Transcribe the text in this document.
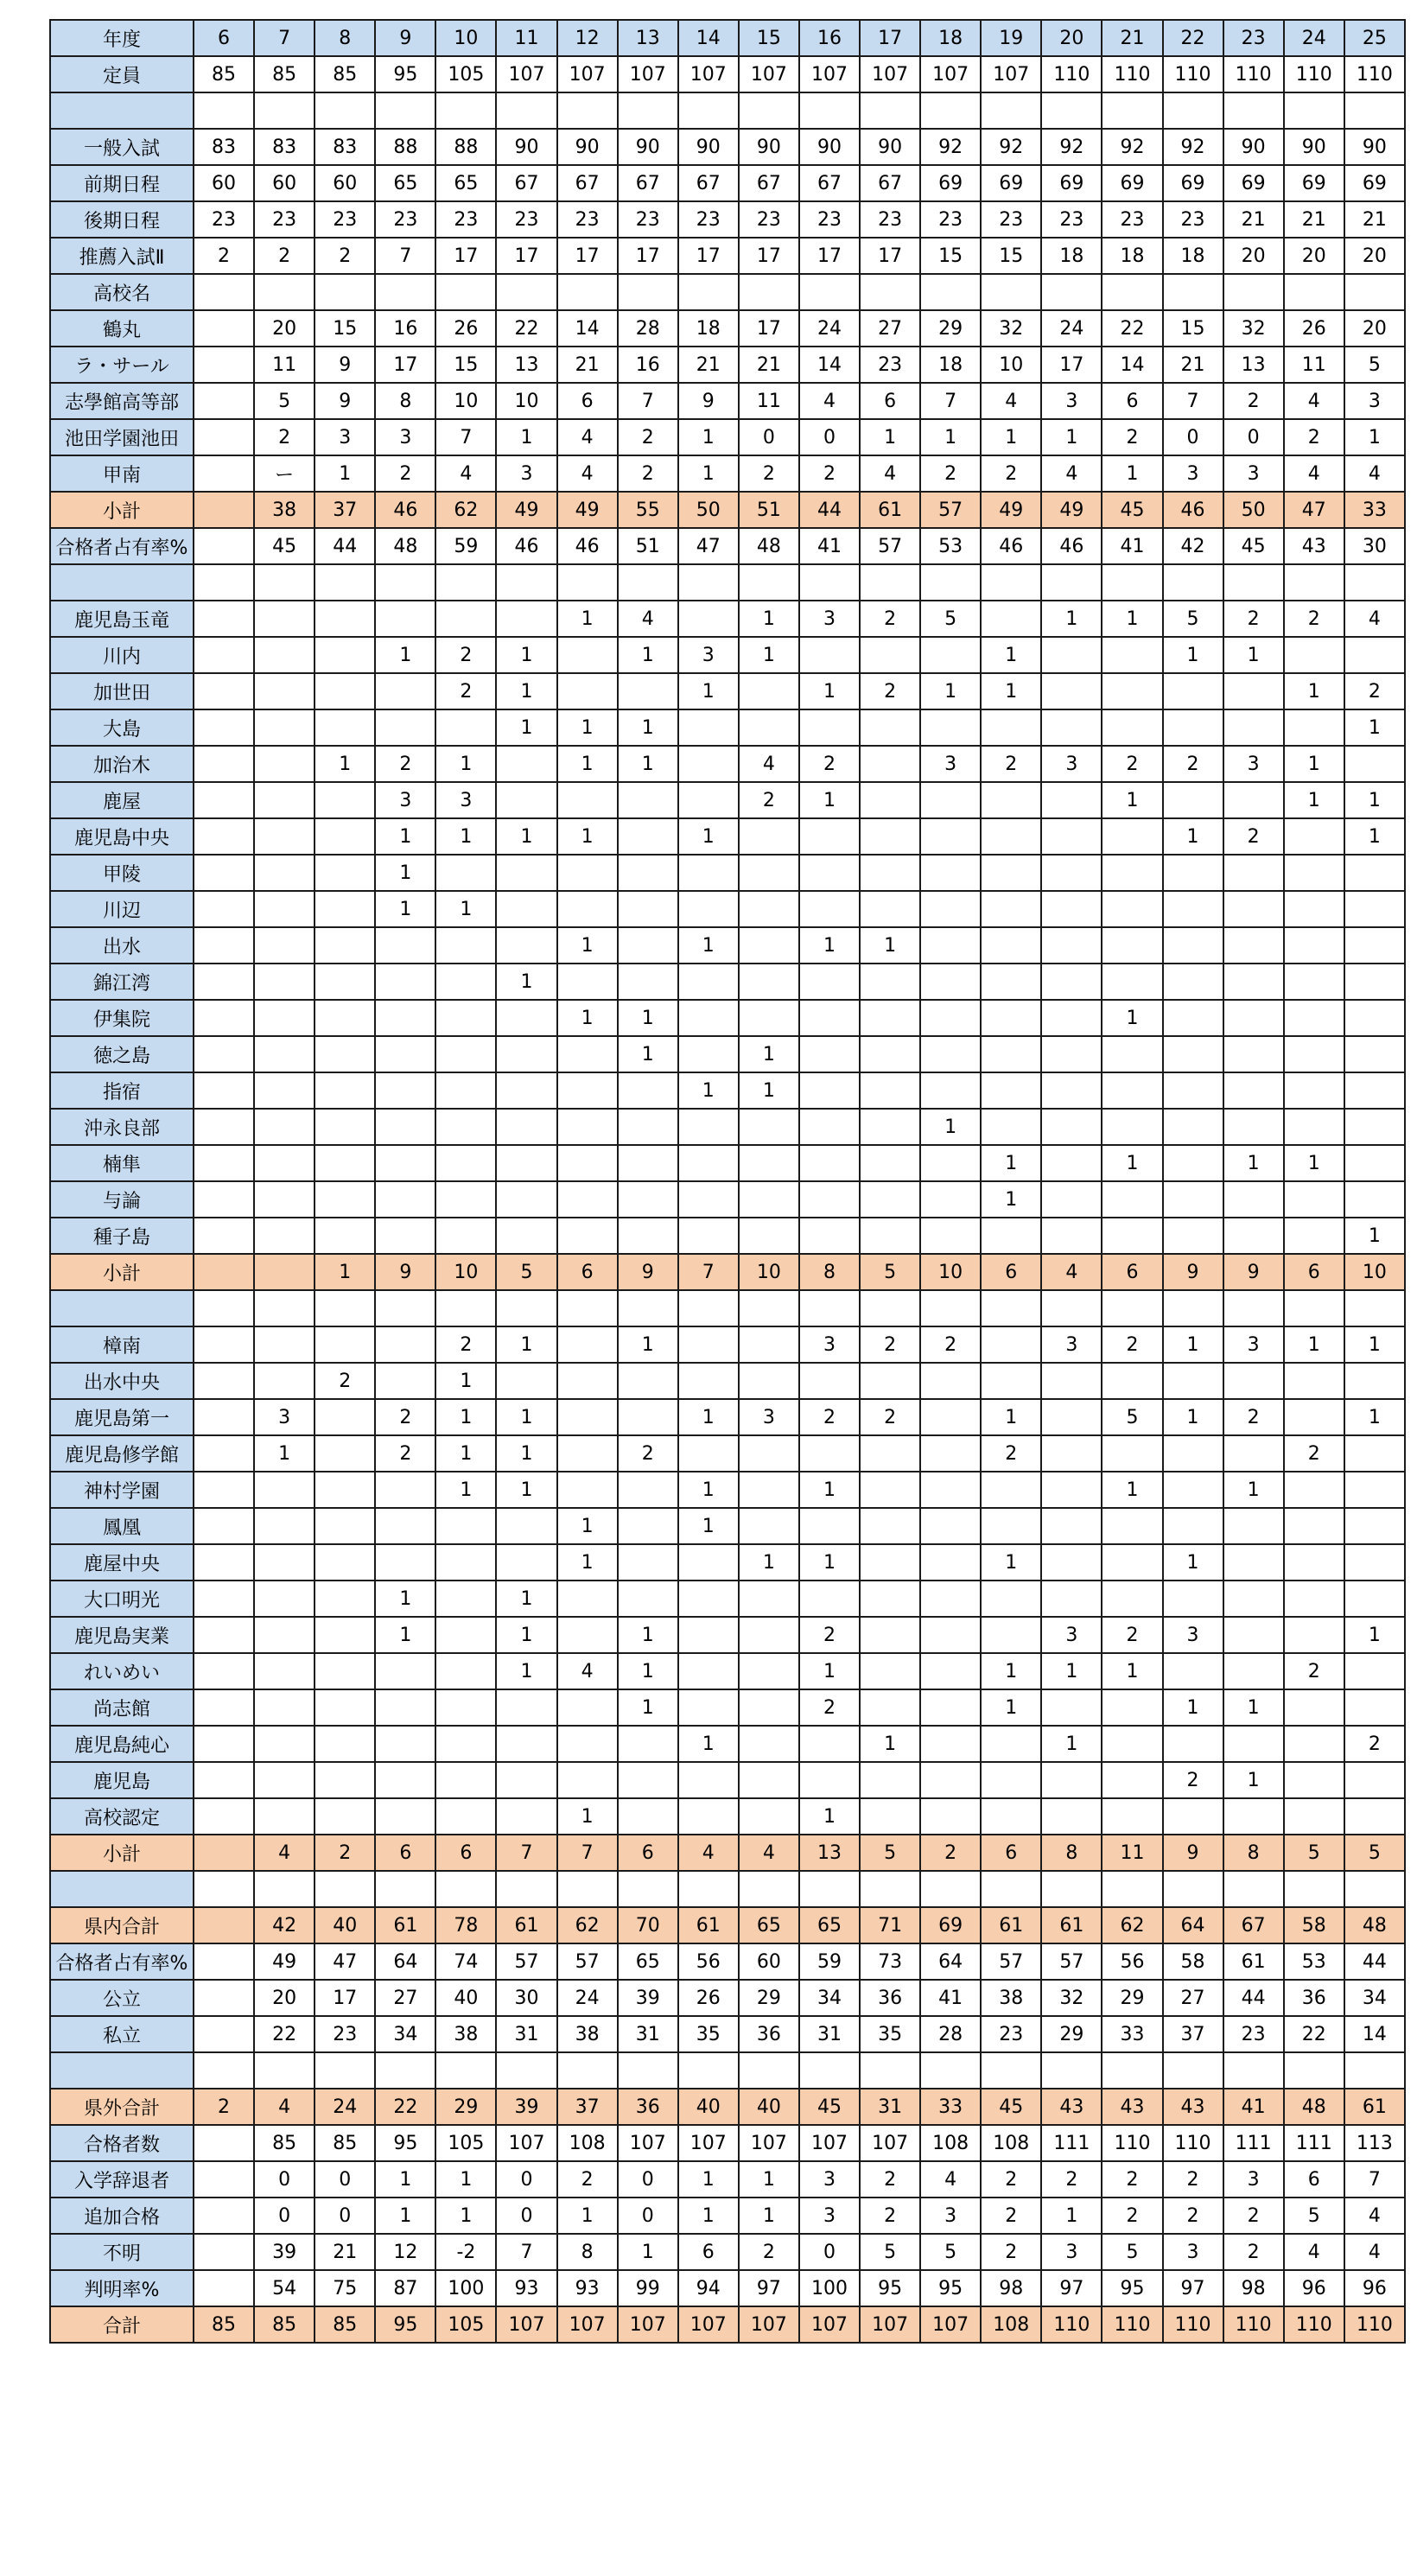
年度	6	7	8	9	10	11	12	13	14	15	16	17	18	19	20	21	22	23	24	25
定員	85	85	85	95	105	107	107	107	107	107	107	107	107	107	110	110	110	110	110	110

一般入試	83	83	83	88	88	90	90	90	90	90	90	90	92	92	92	92	92	90	90	90
前期日程	60	60	60	65	65	67	67	67	67	67	67	67	69	69	69	69	69	69	69	69
後期日程	23	23	23	23	23	23	23	23	23	23	23	23	23	23	23	23	23	21	21	21
推薦入試Ⅱ	2	2	2	7	17	17	17	17	17	17	17	17	15	15	18	18	18	20	20	20
高校名																				
鶴丸		20	15	16	26	22	14	28	18	17	24	27	29	32	24	22	15	32	26	20
ラ・サール		11	9	17	15	13	21	16	21	21	14	23	18	10	17	14	21	13	11	5
志學館高等部		5	9	8	10	10	6	7	9	11	4	6	7	4	3	6	7	2	4	3
池田学園池田		2	3	3	7	1	4	2	1	0	0	1	1	1	1	2	0	0	2	1
甲南		ー	1	2	4	3	4	2	1	2	2	4	2	2	4	1	3	3	4	4
小計		38	37	46	62	49	49	55	50	51	44	61	57	49	49	45	46	50	47	33
合格者占有率%		45	44	48	59	46	46	51	47	48	41	57	53	46	46	41	42	45	43	30

鹿児島玉竜							1	4		1	3	2	5		1	1	5	2	2	4
川内				1	2	1		1	3	1				1			1	1		
加世田					2	1			1		1	2	1	1					1	2
大島						1	1	1												1
加治木			1	2	1		1	1		4	2		3	2	3	2	2	3	1	
鹿屋				3	3					2	1					1			1	1
鹿児島中央				1	1	1	1		1								1	2		1
甲陵				1																
川辺				1	1															
出水							1		1		1	1								
錦江湾						1														
伊集院							1	1								1				
徳之島								1		1										
指宿									1	1										
沖永良部													1							
楠隼														1		1		1	1	
与論														1						
種子島																				1
小計			1	9	10	5	6	9	7	10	8	5	10	6	4	6	9	9	6	10

樟南					2	1		1			3	2	2		3	2	1	3	1	1
出水中央			2		1															
鹿児島第一		3		2	1	1			1	3	2	2		1		5	1	2		1
鹿児島修学館		1		2	1	1		2						2					2	
神村学園					1	1			1		1					1		1		
鳳凰							1		1											
鹿屋中央							1			1	1			1			1			
大口明光				1		1														
鹿児島実業				1		1		1			2				3	2	3			1
れいめい						1	4	1			1			1	1	1			2	
尚志館								1			2			1			1	1		
鹿児島純心									1			1			1					2
鹿児島																	2	1		
高校認定							1				1									
小計		4	2	6	6	7	7	6	4	4	13	5	2	6	8	11	9	8	5	5

県内合計		42	40	61	78	61	62	70	61	65	65	71	69	61	61	62	64	67	58	48
合格者占有率%		49	47	64	74	57	57	65	56	60	59	73	64	57	57	56	58	61	53	44
公立		20	17	27	40	30	24	39	26	29	34	36	41	38	32	29	27	44	36	34
私立		22	23	34	38	31	38	31	35	36	31	35	28	23	29	33	37	23	22	14

県外合計	2	4	24	22	29	39	37	36	40	40	45	31	33	45	43	43	43	41	48	61
合格者数		85	85	95	105	107	108	107	107	107	107	107	108	108	111	110	110	111	111	113
入学辞退者		0	0	1	1	0	2	0	1	1	3	2	4	2	2	2	2	3	6	7
追加合格		0	0	1	1	0	1	0	1	1	3	2	3	2	1	2	2	2	5	4
不明		39	21	12	-2	7	8	1	6	2	0	5	5	2	3	5	3	2	4	4
判明率%		54	75	87	100	93	93	99	94	97	100	95	95	98	97	95	97	98	96	96
合計	85	85	85	95	105	107	107	107	107	107	107	107	107	108	110	110	110	110	110	110
